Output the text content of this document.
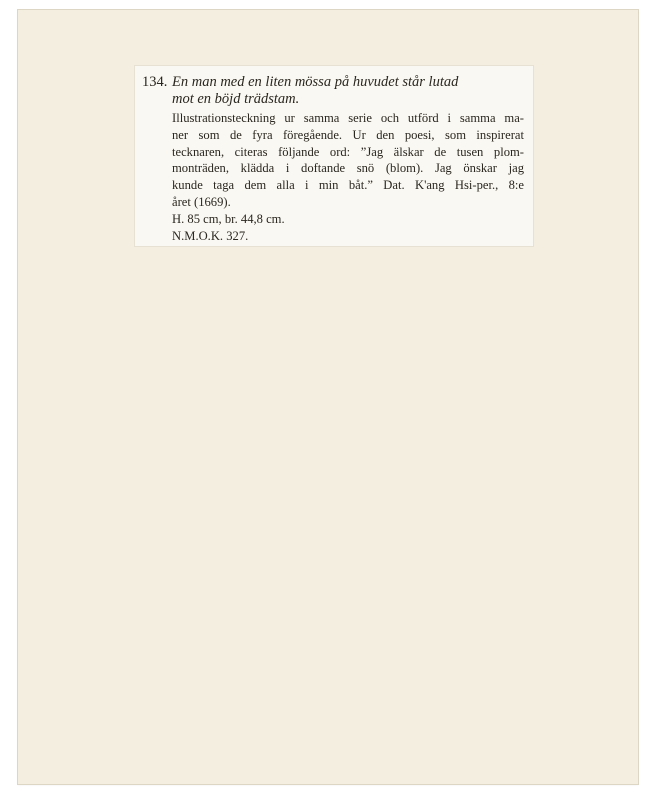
134. En man med en liten mössa på huvudet står lutad
mot en böjd trädstam.
Illustrationsteckning ur samma serie och utförd i samma ma-
ner som de fyra föregående. Ur den poesi, som inspirerat
tecknaren, citeras följande ord: ”Jag älskar de tusen plom-
monträden, klädda i doftande snö (blom). Jag önskar jag
kunde taga dem alla i min båt.” Dat. K'ang Hsi-per., 8:e
året (1669).
H. 85 cm, br. 44,8 cm.
N.M.O.K. 327.
